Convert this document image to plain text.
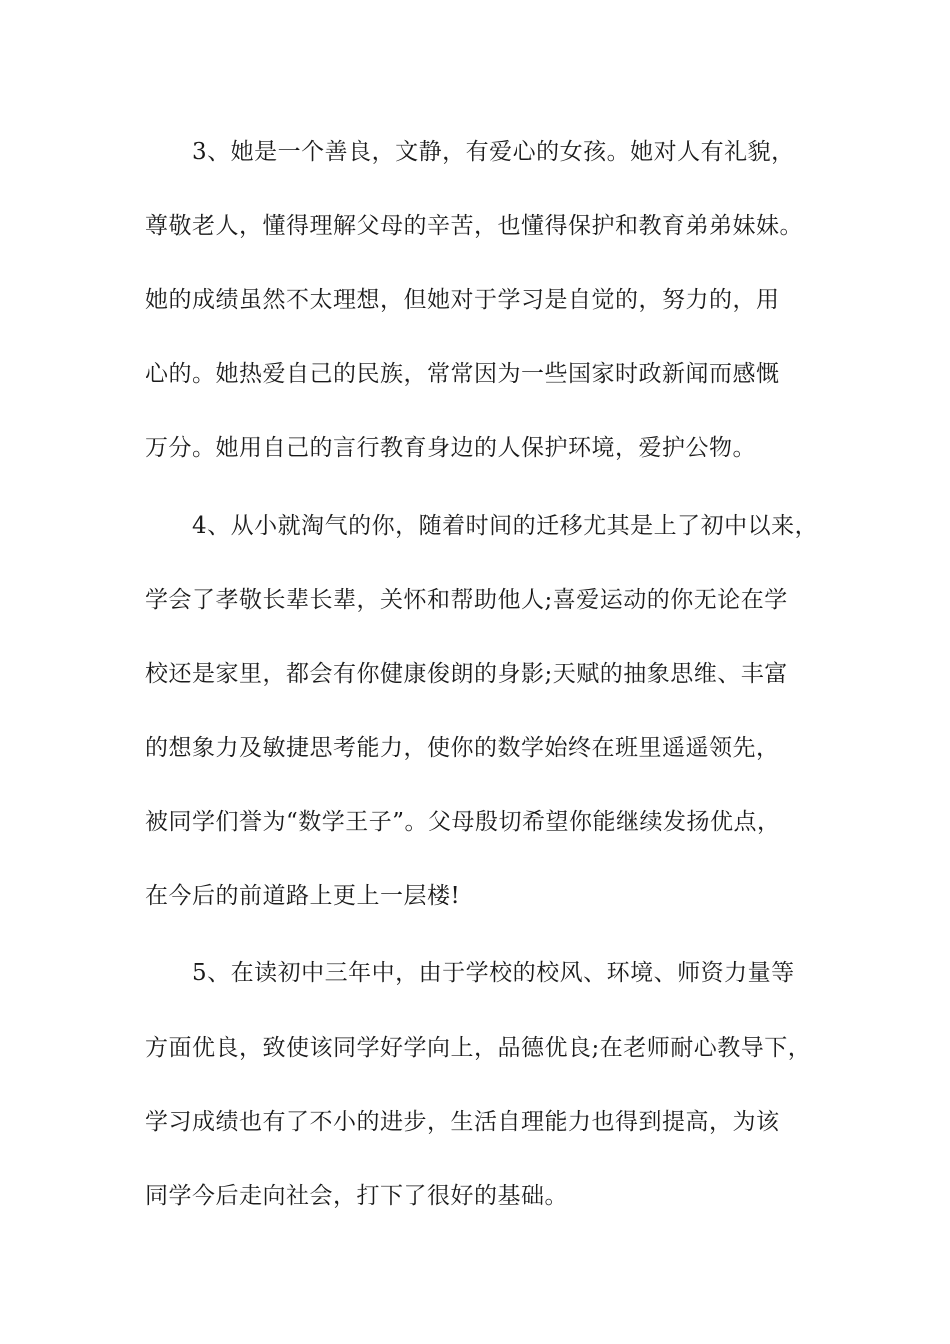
3、她是一个善良，文静，有爱心的女孩。她对人有礼貌，
尊敬老人，懂得理解父母的辛苦，也懂得保护和教育弟弟妹妹。
她的成绩虽然不太理想，但她对于学习是自觉的，努力的，用
心的。她热爱自己的民族，常常因为一些国家时政新闻而感慨
万分。她用自己的言行教育身边的人保护环境，爱护公物。
4、从小就淘气的你，随着时间的迁移尤其是上了初中以来，
学会了孝敬长辈长辈，关怀和帮助他人;喜爱运动的你无论在学
校还是家里，都会有你健康俊朗的身影;天赋的抽象思维、丰富
的想象力及敏捷思考能力，使你的数学始终在班里遥遥领先，
被同学们誉为“数学王子”。父母殷切希望你能继续发扬优点，
在今后的前道路上更上一层楼!
5、在读初中三年中，由于学校的校风、环境、师资力量等
方面优良，致使该同学好学向上，品德优良;在老师耐心教导下，
学习成绩也有了不小的进步，生活自理能力也得到提高，为该
同学今后走向社会，打下了很好的基础。
